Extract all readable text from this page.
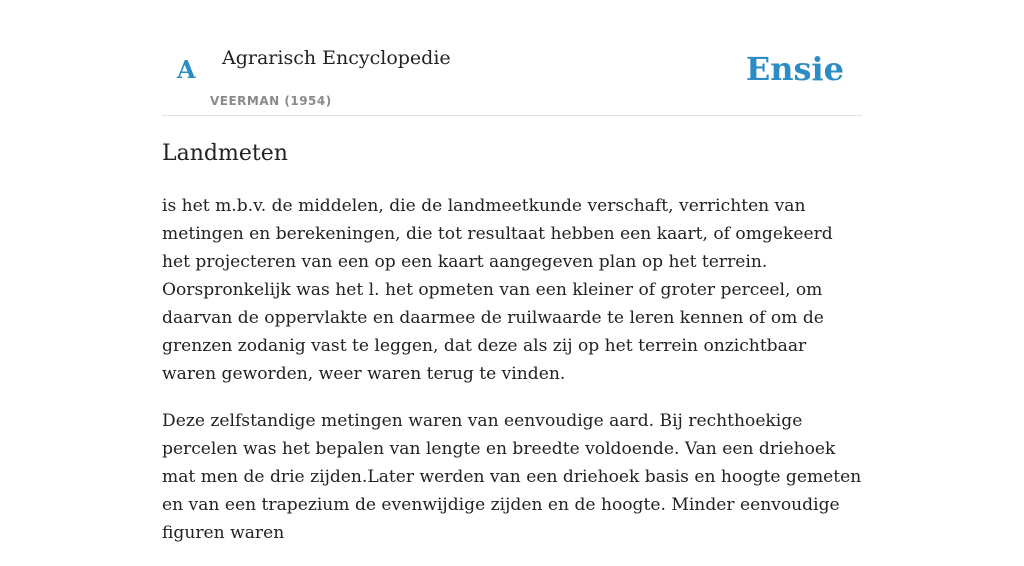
A Agrarisch Encyclopedie
VEERMAN (1954)
Ensie
Landmeten

is het m.b.v. de middelen, die de landmeetkunde verschaft, verrichten van metingen en berekeningen, die tot resultaat hebben een kaart, of omgekeerd het projecteren van een op een kaart aangegeven plan op het terrein. Oorspronkelijk was het l. het opmeten van een kleiner of groter perceel, om daarvan de oppervlakte en daarmee de ruilwaarde te leren kennen of om de grenzen zodanig vast te leggen, dat deze als zij op het terrein onzichtbaar waren geworden, weer waren terug te vinden.

Deze zelfstandige metingen waren van eenvoudige aard. Bij rechthoekige percelen was het bepalen van lengte en breedte voldoende. Van een driehoek mat men de drie zijden.Later werden van een driehoek basis en hoogte gemeten en van een trapezium de evenwijdige zijden en de hoogte. Minder eenvoudige figuren waren
